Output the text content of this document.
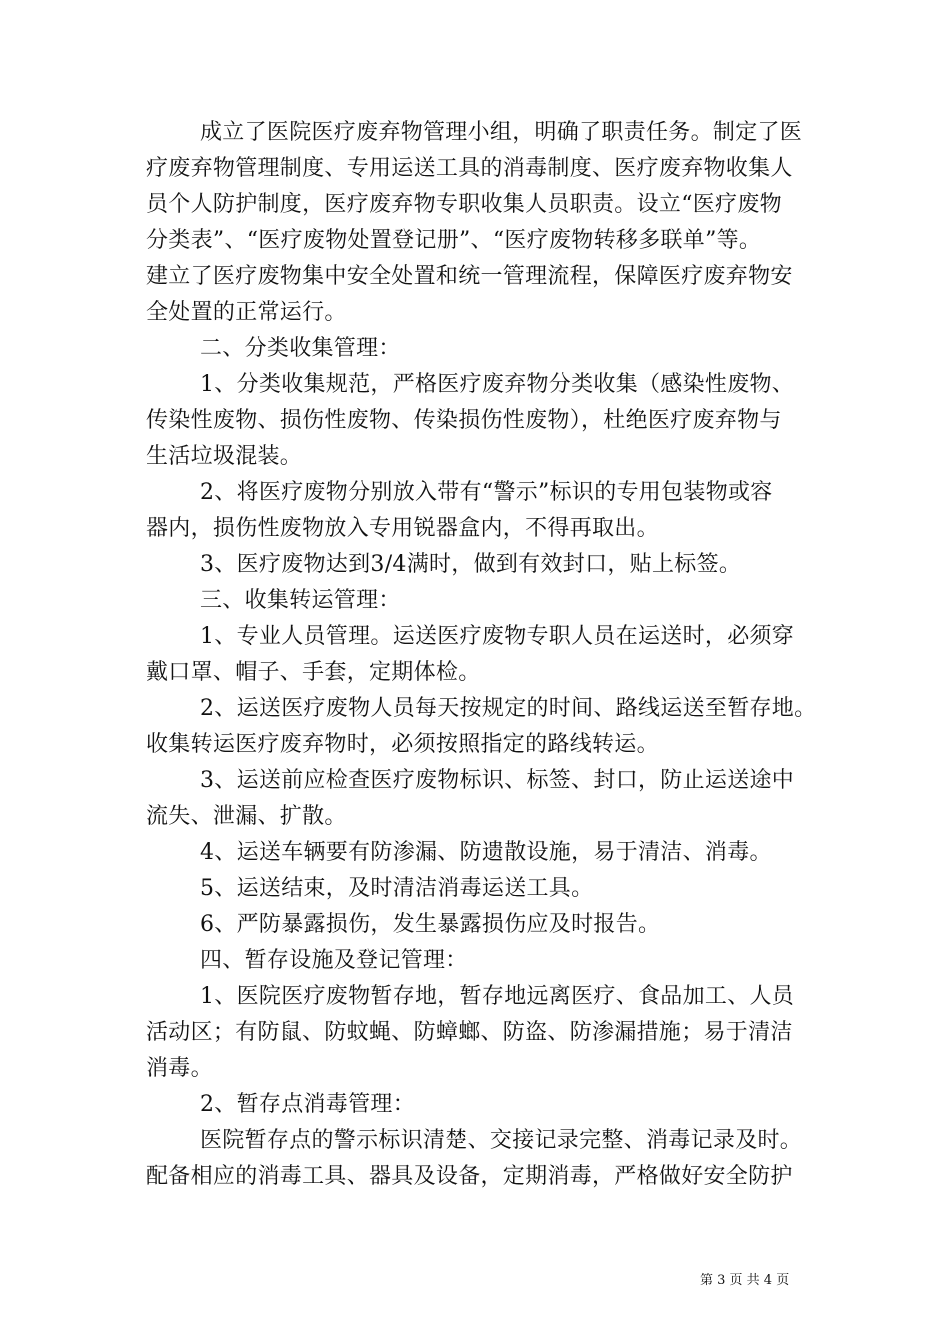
成立了医院医疗废弃物管理小组，明确了职责任务。制定了医
疗废弃物管理制度、专用运送工具的消毒制度、医疗废弃物收集人
员个人防护制度，医疗废弃物专职收集人员职责。设立“医疗废物
分类表”、“医疗废物处置登记册”、“医疗废物转移多联单”等。
建立了医疗废物集中安全处置和统一管理流程，保障医疗废弃物安
全处置的正常运行。
二、分类收集管理：
1、分类收集规范，严格医疗废弃物分类收集（感染性废物、
传染性废物、损伤性废物、传染损伤性废物），杜绝医疗废弃物与
生活垃圾混装。
2、将医疗废物分别放入带有“警示”标识的专用包装物或容
器内，损伤性废物放入专用锐器盒内，不得再取出。
3、医疗废物达到3/4满时，做到有效封口，贴上标签。
三、收集转运管理：
1、专业人员管理。运送医疗废物专职人员在运送时，必须穿
戴口罩、帽子、手套，定期体检。
2、运送医疗废物人员每天按规定的时间、路线运送至暂存地。
收集转运医疗废弃物时，必须按照指定的路线转运。
3、运送前应检查医疗废物标识、标签、封口，防止运送途中
流失、泄漏、扩散。
4、运送车辆要有防渗漏、防遗散设施，易于清洁、消毒。
5、运送结束，及时清洁消毒运送工具。
6、严防暴露损伤，发生暴露损伤应及时报告。
四、暂存设施及登记管理：
1、医院医疗废物暂存地，暂存地远离医疗、食品加工、人员
活动区；有防鼠、防蚊蝇、防蟑螂、防盗、防渗漏措施；易于清洁
消毒。
2、暂存点消毒管理：
医院暂存点的警示标识清楚、交接记录完整、消毒记录及时。
配备相应的消毒工具、器具及设备，定期消毒，严格做好安全防护
第 3 页 共 4 页
